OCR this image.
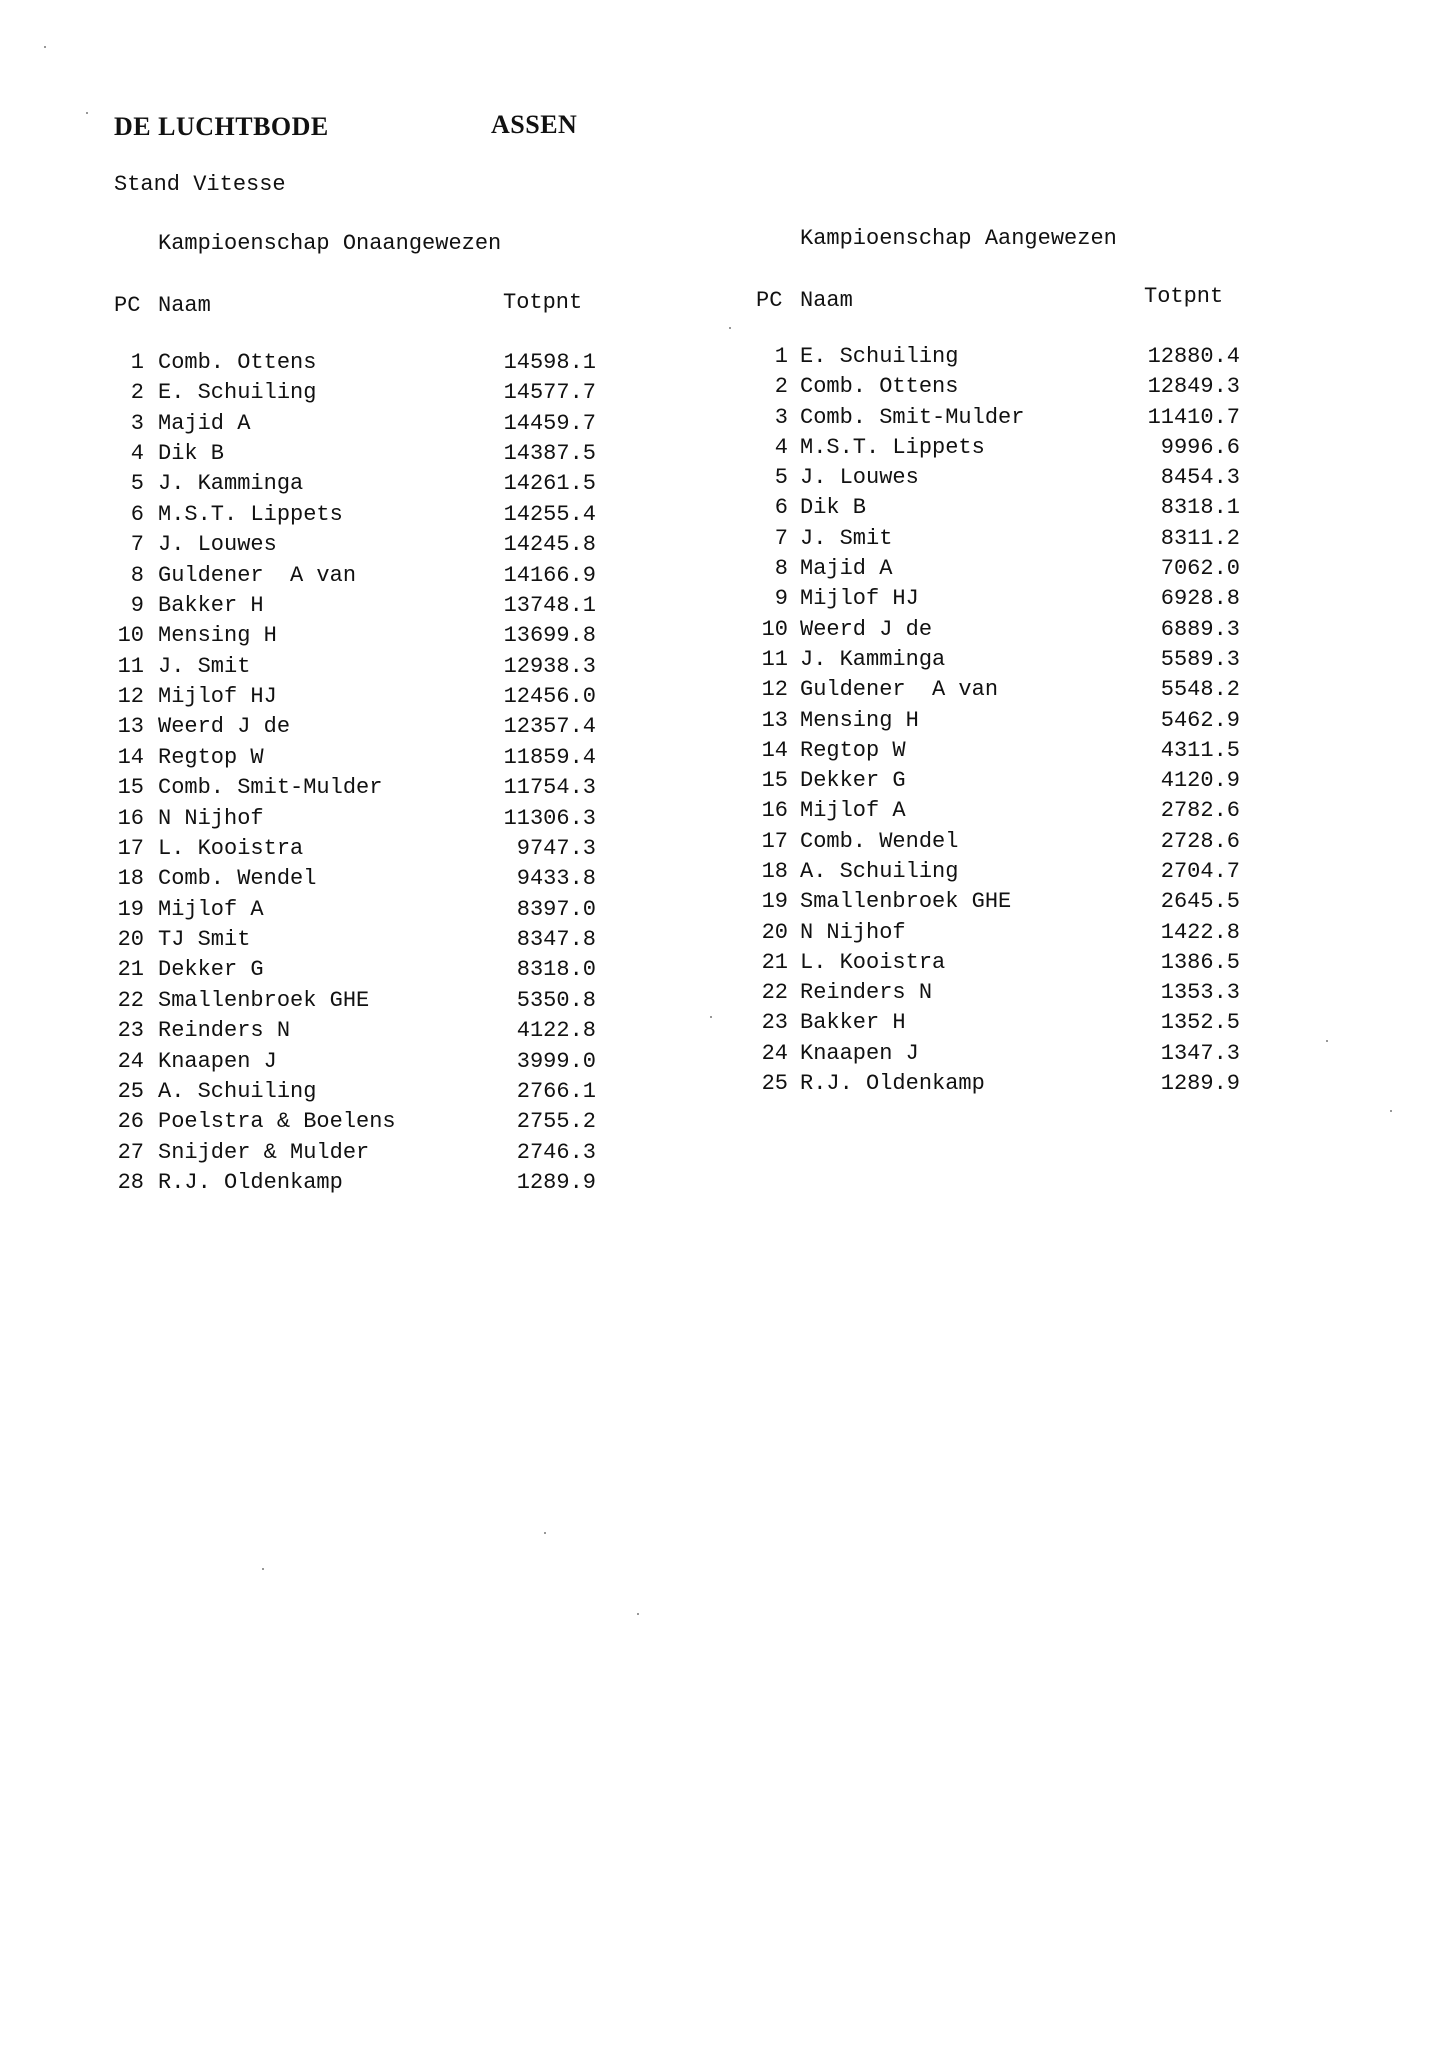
DE LUCHTBODE	ASSEN
Stand Vitesse
Kampioenschap Onaangewezen
PC Naam	Totpnt
1 Comb. Ottens	14598.1
2 E. Schuiling	14577.7
3 Majid A	14459.7
4 Dik B	14387.5
5 J. Kamminga	14261.5
6 M.S.T. Lippets	14255.4
7 J. Louwes	14245.8
8 Guldener  A van	14166.9
9 Bakker H	13748.1
10 Mensing H	13699.8
11 J. Smit	12938.3
12 Mijlof HJ	12456.0
13 Weerd J de	12357.4
14 Regtop W	11859.4
15 Comb. Smit-Mulder	11754.3
16 N Nijhof	11306.3
17 L. Kooistra	9747.3
18 Comb. Wendel	9433.8
19 Mijlof A	8397.0
20 TJ Smit	8347.8
21 Dekker G	8318.0
22 Smallenbroek GHE	5350.8
23 Reinders N	4122.8
24 Knaapen J	3999.0
25 A. Schuiling	2766.1
26 Poelstra & Boelens	2755.2
27 Snijder & Mulder	2746.3
28 R.J. Oldenkamp	1289.9
Kampioenschap Aangewezen
PC Naam	Totpnt
1 E. Schuiling	12880.4
2 Comb. Ottens	12849.3
3 Comb. Smit-Mulder	11410.7
4 M.S.T. Lippets	9996.6
5 J. Louwes	8454.3
6 Dik B	8318.1
7 J. Smit	8311.2
8 Majid A	7062.0
9 Mijlof HJ	6928.8
10 Weerd J de	6889.3
11 J. Kamminga	5589.3
12 Guldener  A van	5548.2
13 Mensing H	5462.9
14 Regtop W	4311.5
15 Dekker G	4120.9
16 Mijlof A	2782.6
17 Comb. Wendel	2728.6
18 A. Schuiling	2704.7
19 Smallenbroek GHE	2645.5
20 N Nijhof	1422.8
21 L. Kooistra	1386.5
22 Reinders N	1353.3
23 Bakker H	1352.5
24 Knaapen J	1347.3
25 R.J. Oldenkamp	1289.9
